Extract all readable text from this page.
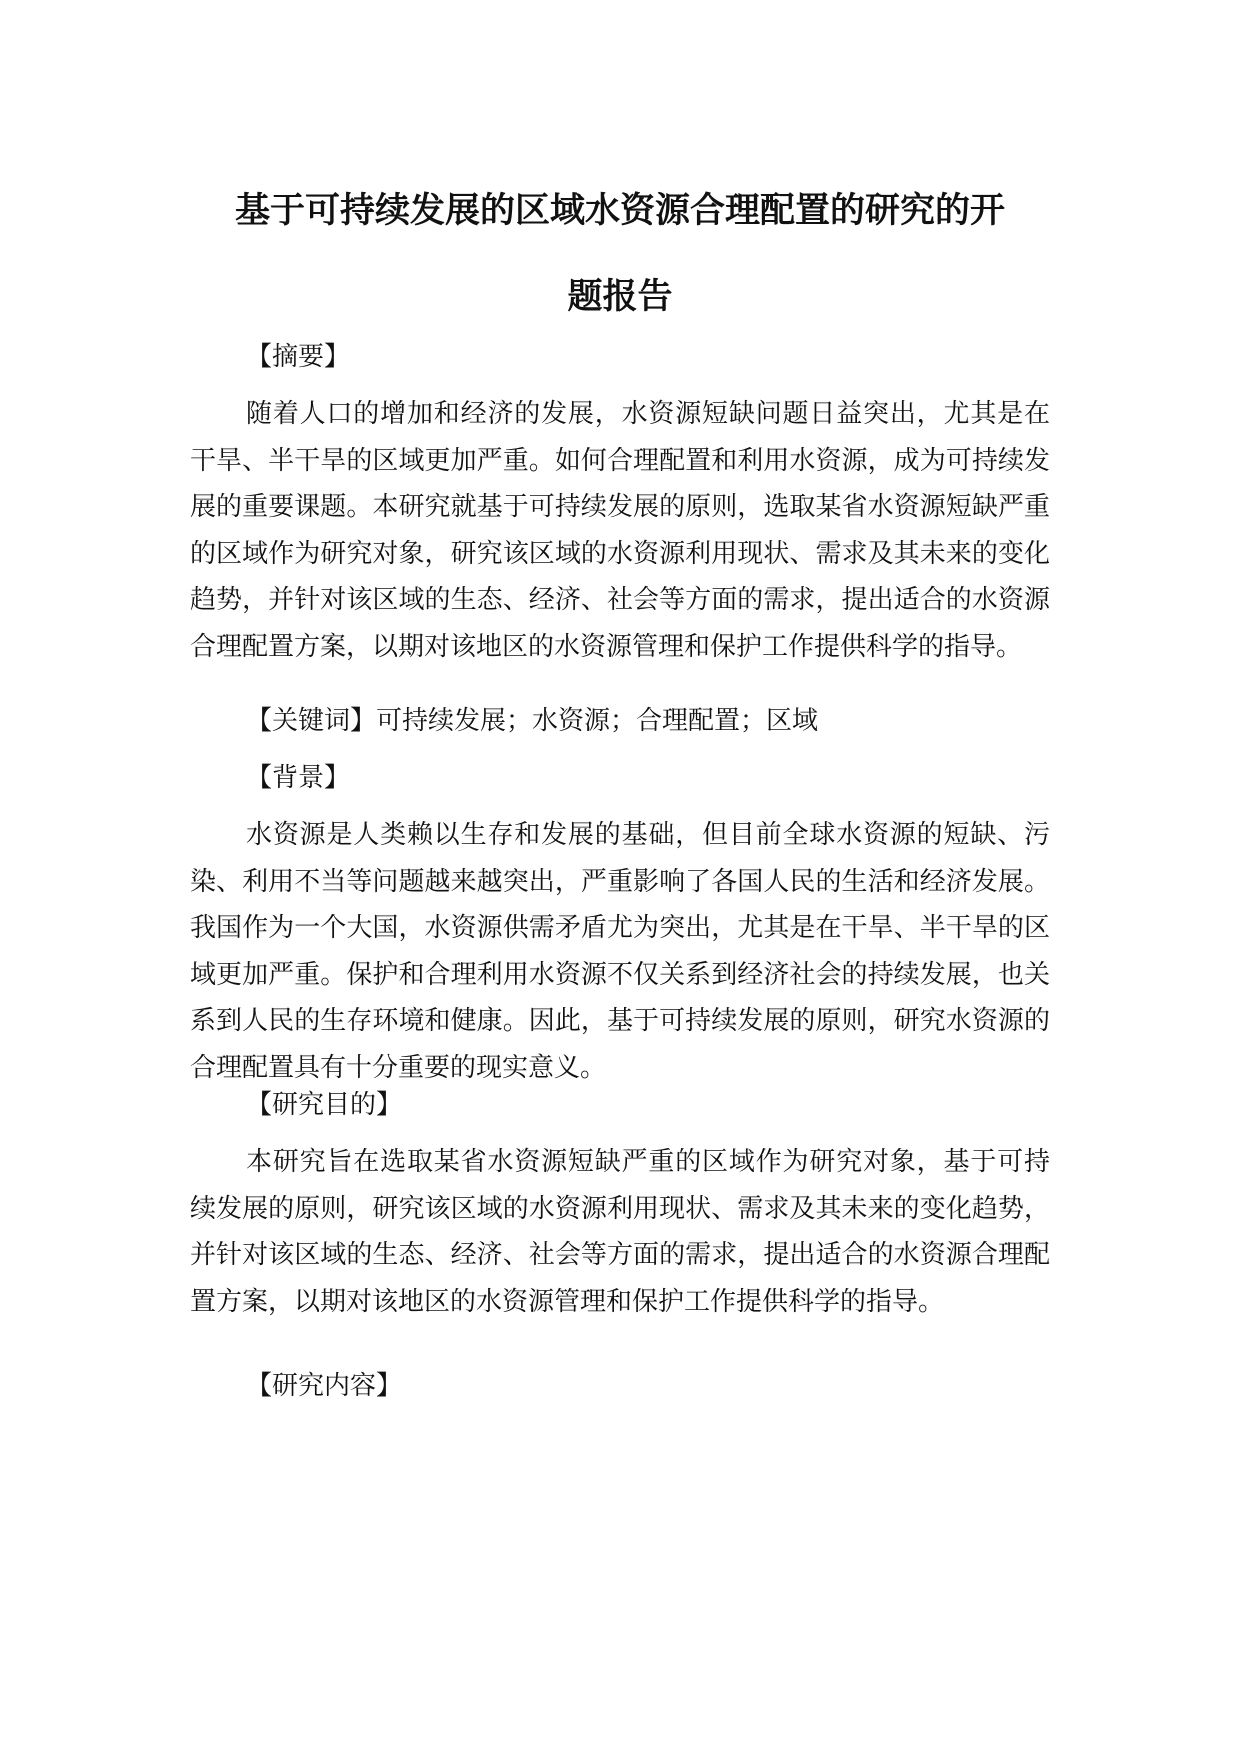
基于可持续发展的区域水资源合理配置的研究的开
题报告

【摘要】

随着人口的增加和经济的发展，水资源短缺问题日益突出，尤其是在干旱、半干旱的区域更加严重。如何合理配置和利用水资源，成为可持续发展的重要课题。本研究就基于可持续发展的原则，选取某省水资源短缺严重的区域作为研究对象，研究该区域的水资源利用现状、需求及其未来的变化趋势，并针对该区域的生态、经济、社会等方面的需求，提出适合的水资源合理配置方案，以期对该地区的水资源管理和保护工作提供科学的指导。

【关键词】可持续发展；水资源；合理配置；区域

【背景】

水资源是人类赖以生存和发展的基础，但目前全球水资源的短缺、污染、利用不当等问题越来越突出，严重影响了各国人民的生活和经济发展。我国作为一个大国，水资源供需矛盾尤为突出，尤其是在干旱、半干旱的区域更加严重。保护和合理利用水资源不仅关系到经济社会的持续发展，也关系到人民的生存环境和健康。因此，基于可持续发展的原则，研究水资源的合理配置具有十分重要的现实意义。

【研究目的】

本研究旨在选取某省水资源短缺严重的区域作为研究对象，基于可持续发展的原则，研究该区域的水资源利用现状、需求及其未来的变化趋势，并针对该区域的生态、经济、社会等方面的需求，提出适合的水资源合理配置方案，以期对该地区的水资源管理和保护工作提供科学的指导。

【研究内容】
